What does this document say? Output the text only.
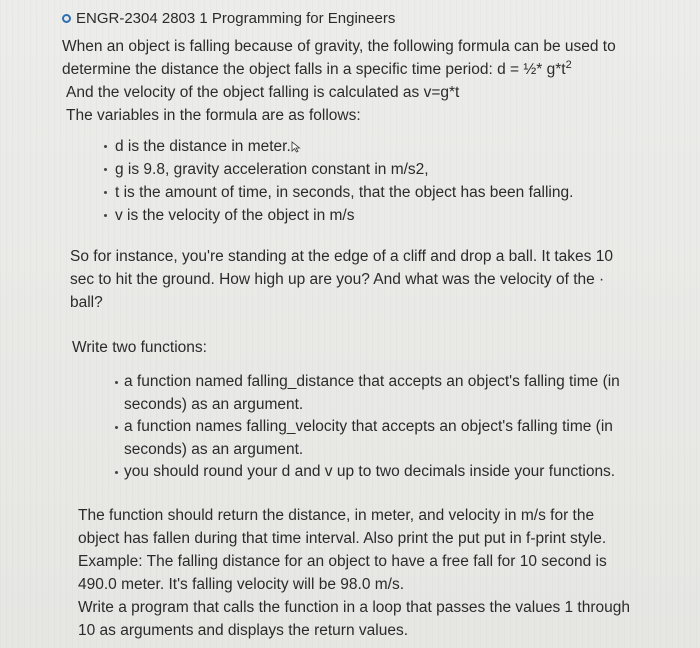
ENGR-2304 2803 1 Programming for Engineers

When an object is falling because of gravity, the following formula can be used to

determine the distance the object falls in a specific time period: d = ½* $g*t^2$

And the velocity of the object falling is calculated as v=g*t

The variables in the formula are as follows:

d is the distance in meter.
g is 9.8, gravity acceleration constant in m/s2,
t is the amount of time, in seconds, that the object has been falling.
v is the velocity of the object in m/s

So for instance, you're standing at the edge of a cliff and drop a ball. It takes 10

sec to hit the ground. How high up are you? And what was the velocity of the ·

ball?

Write two functions:

a function named falling_distance that accepts an object's falling time (in
seconds) as an argument.
a function names falling_velocity that accepts an object's falling time (in
seconds) as an argument.
you should round your d and v up to two decimals inside your functions.

The function should return the distance, in meter, and velocity in m/s for the

object has fallen during that time interval. Also print the put put in f-print style.

Example: The falling distance for an object to have a free fall for 10 second is

490.0 meter. It's falling velocity will be 98.0 m/s.

Write a program that calls the function in a loop that passes the values 1 through

10 as arguments and displays the return values.
